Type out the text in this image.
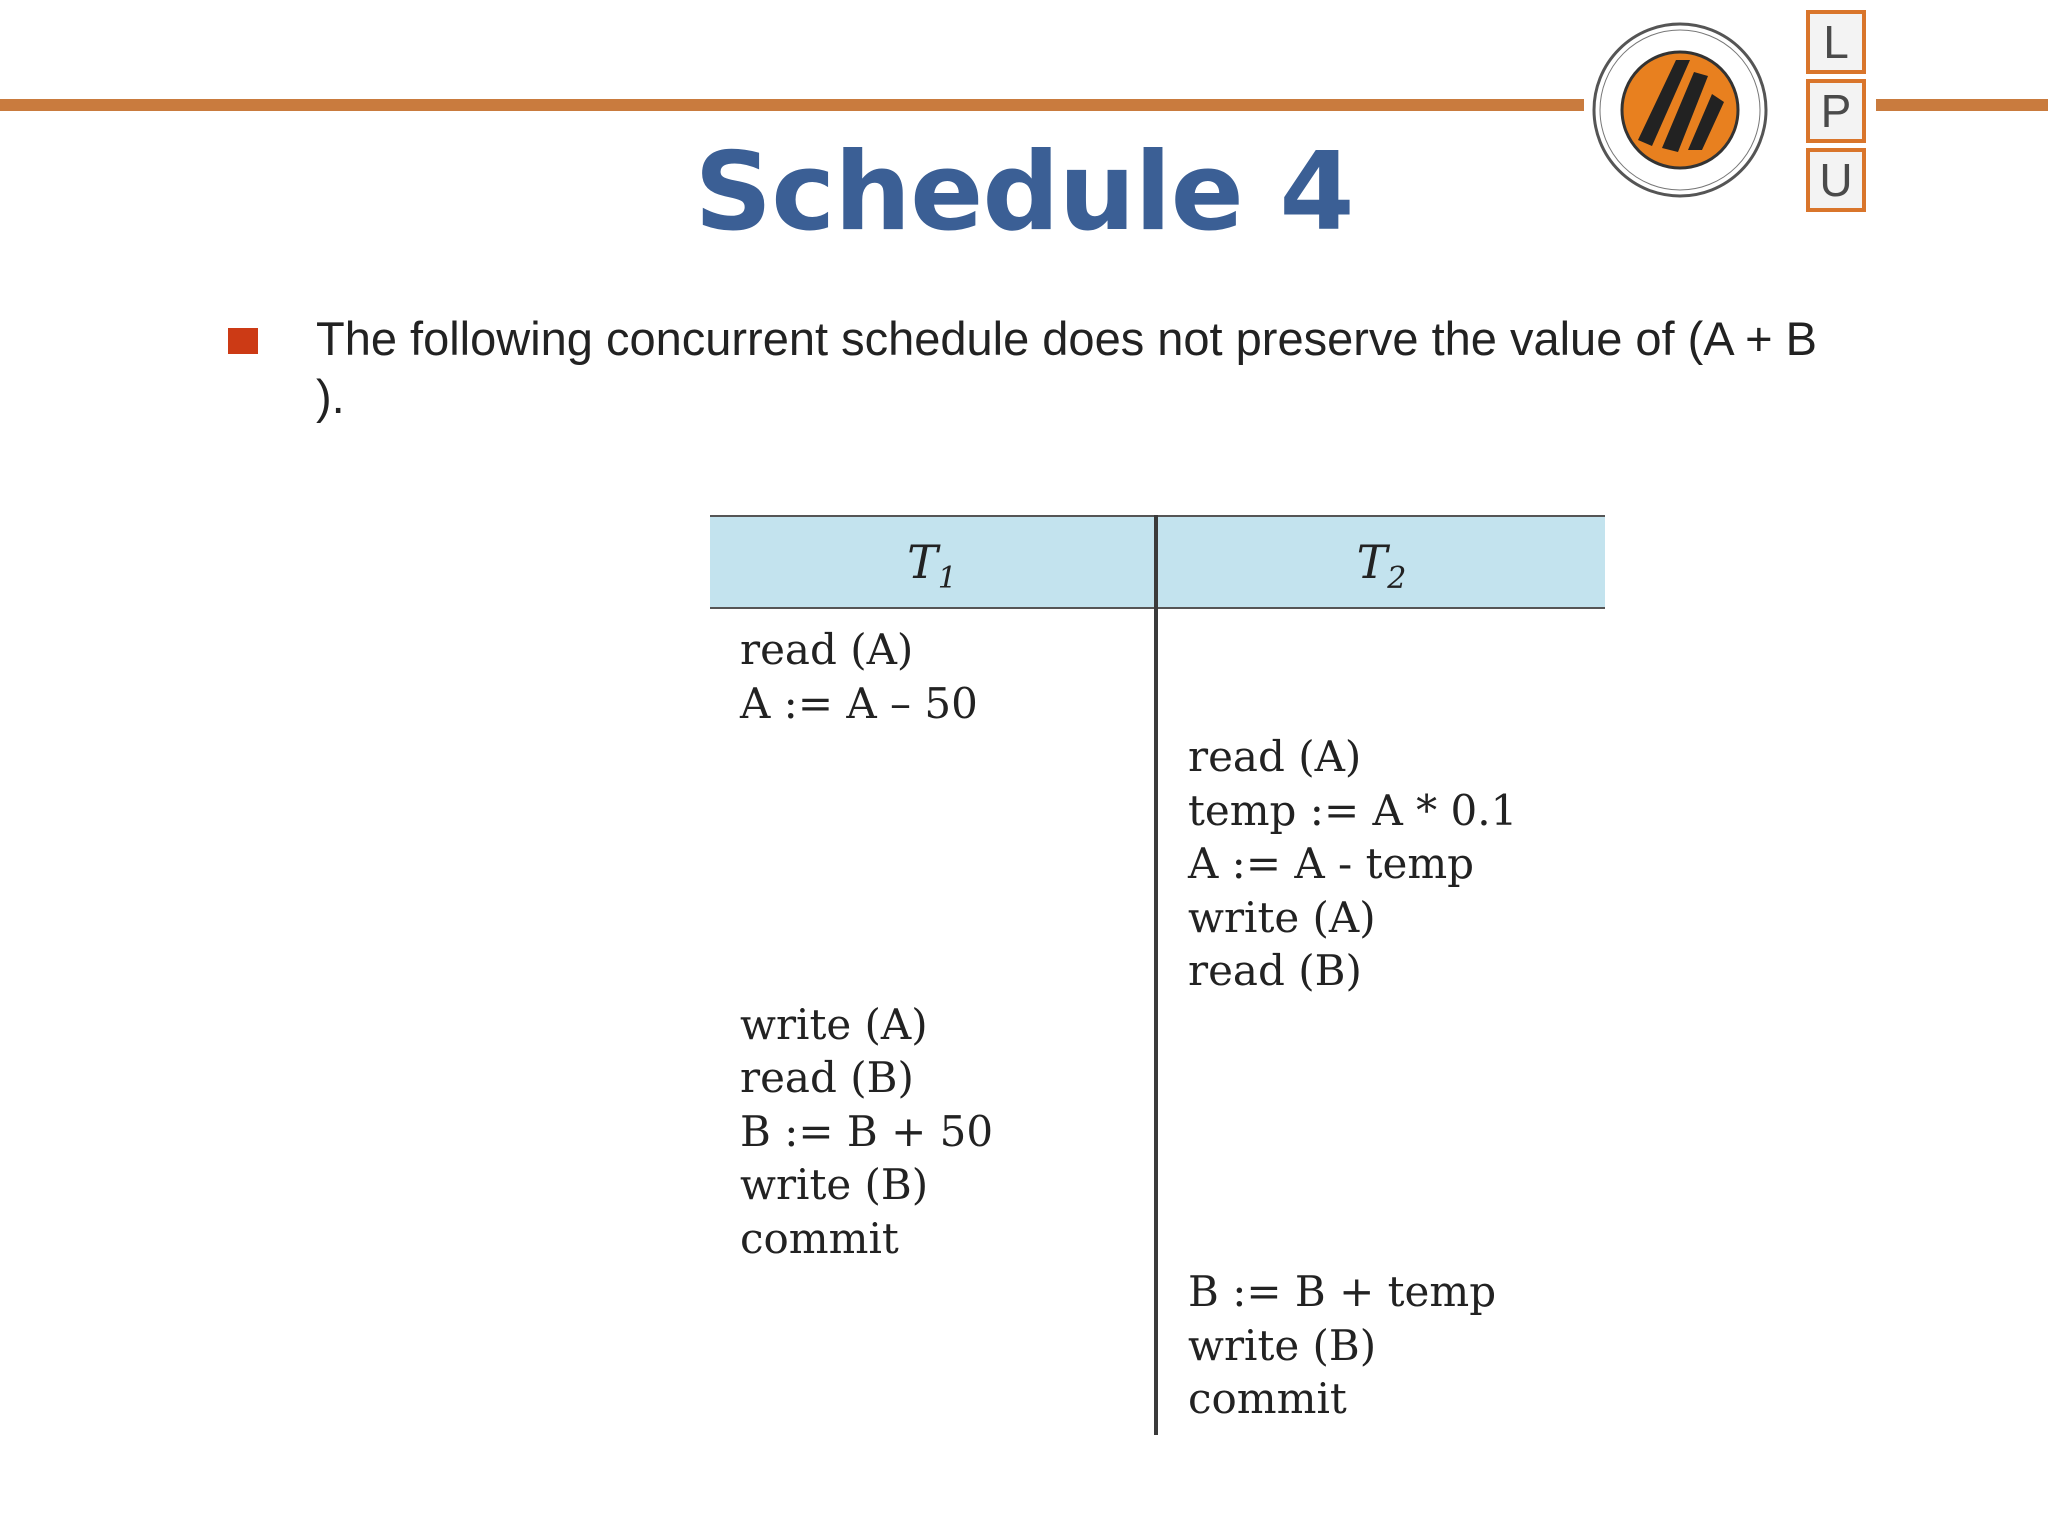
L
P
U
Schedule 4
The following concurrent schedule does not preserve the value of (A + B ).
$T_1$	$T_2$
read (A)
A := A – 50
read (A)
temp := A * 0.1
A := A - temp
write (A)
read (B)
write (A)
read (B)
B := B + 50
write (B)
commit
B := B + temp
write (B)
commit
